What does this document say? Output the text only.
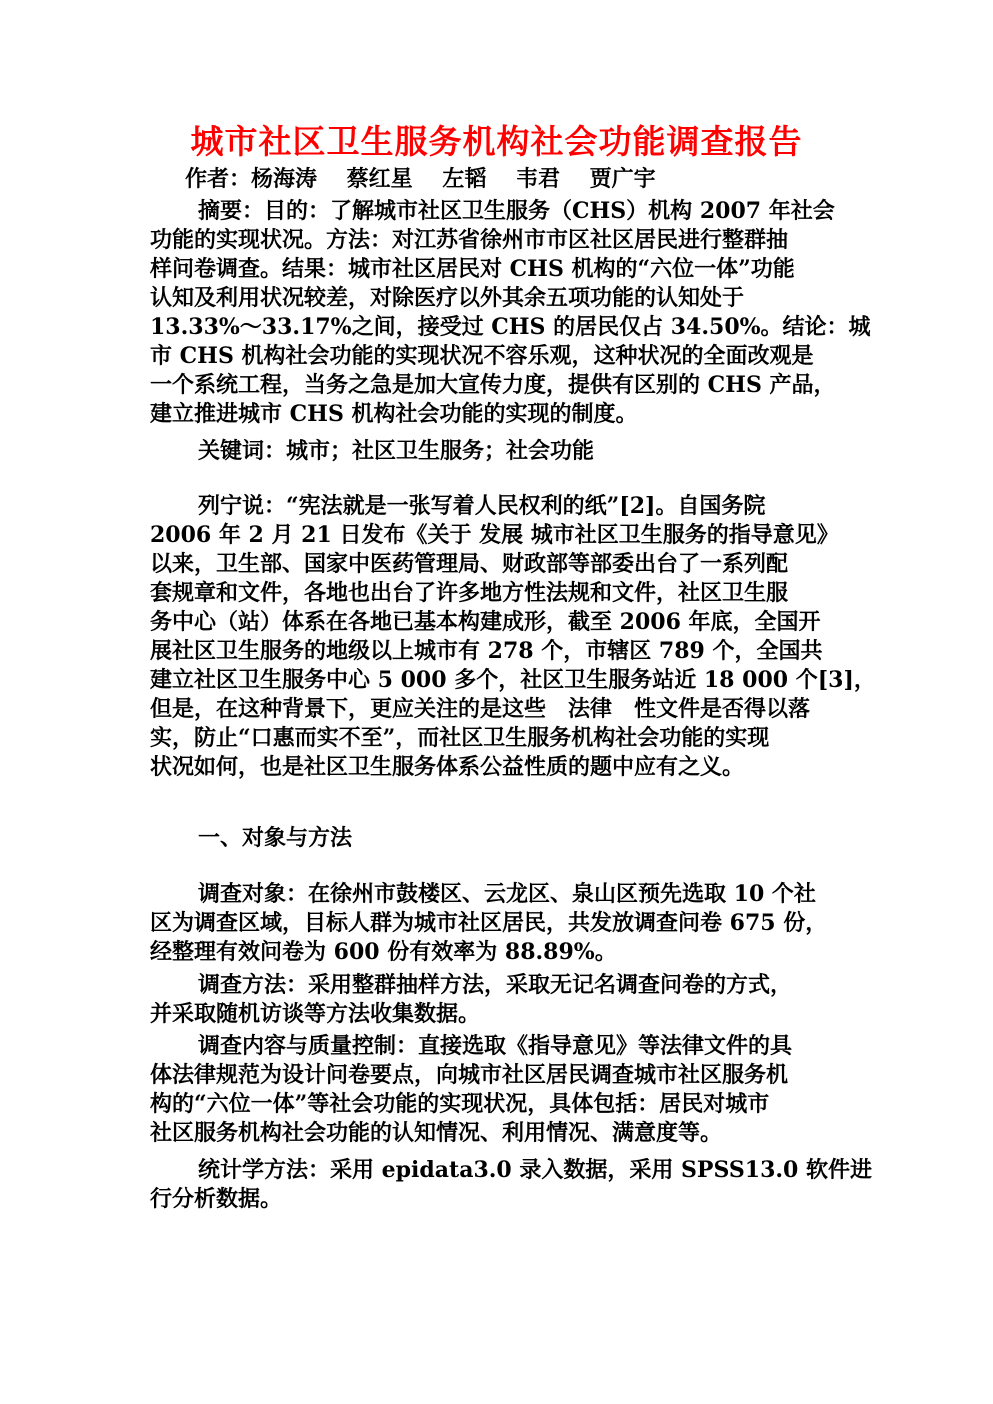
城市社区卫生服务机构社会功能调查报告
作者：杨海涛　 蔡红星　 左韬　 韦君　 贾广宇
摘要：目的：了解城市社区卫生服务（CHS）机构 2007 年社会
功能的实现状况。方法：对江苏省徐州市市区社区居民进行整群抽
样问卷调查。结果：城市社区居民对 CHS 机构的“六位一体”功能
认知及利用状况较差，对除医疗以外其余五项功能的认知处于
13.33%～33.17%之间，接受过 CHS 的居民仅占 34.50%。结论：城
市 CHS 机构社会功能的实现状况不容乐观，这种状况的全面改观是
一个系统工程，当务之急是加大宣传力度，提供有区别的 CHS 产品，
建立推进城市 CHS 机构社会功能的实现的制度。
关键词：城市；社区卫生服务；社会功能
列宁说：“宪法就是一张写着人民权利的纸”[2]。自国务院
2006 年 2 月 21 日发布《关于 发展 城市社区卫生服务的指导意见》
以来，卫生部、国家中医药管理局、财政部等部委出台了一系列配
套规章和文件，各地也出台了许多地方性法规和文件，社区卫生服
务中心（站）体系在各地已基本构建成形，截至 2006 年底，全国开
展社区卫生服务的地级以上城市有 278 个，市辖区 789 个，全国共
建立社区卫生服务中心 5 000 多个，社区卫生服务站近 18 000 个[3]，
但是，在这种背景下，更应关注的是这些　法律　性文件是否得以落
实，防止“口惠而实不至”，而社区卫生服务机构社会功能的实现
状况如何，也是社区卫生服务体系公益性质的题中应有之义。
一、对象与方法
调查对象：在徐州市鼓楼区、云龙区、泉山区预先选取 10 个社
区为调查区域，目标人群为城市社区居民，共发放调查问卷 675 份，
经整理有效问卷为 600 份有效率为 88.89%。
调查方法：采用整群抽样方法，采取无记名调查问卷的方式，
并采取随机访谈等方法收集数据。
调查内容与质量控制：直接选取《指导意见》等法律文件的具
体法律规范为设计问卷要点，向城市社区居民调查城市社区服务机
构的“六位一体”等社会功能的实现状况，具体包括：居民对城市
社区服务机构社会功能的认知情况、利用情况、满意度等。
统计学方法：采用 epidata3.0 录入数据，采用 SPSS13.0 软件进
行分析数据。
